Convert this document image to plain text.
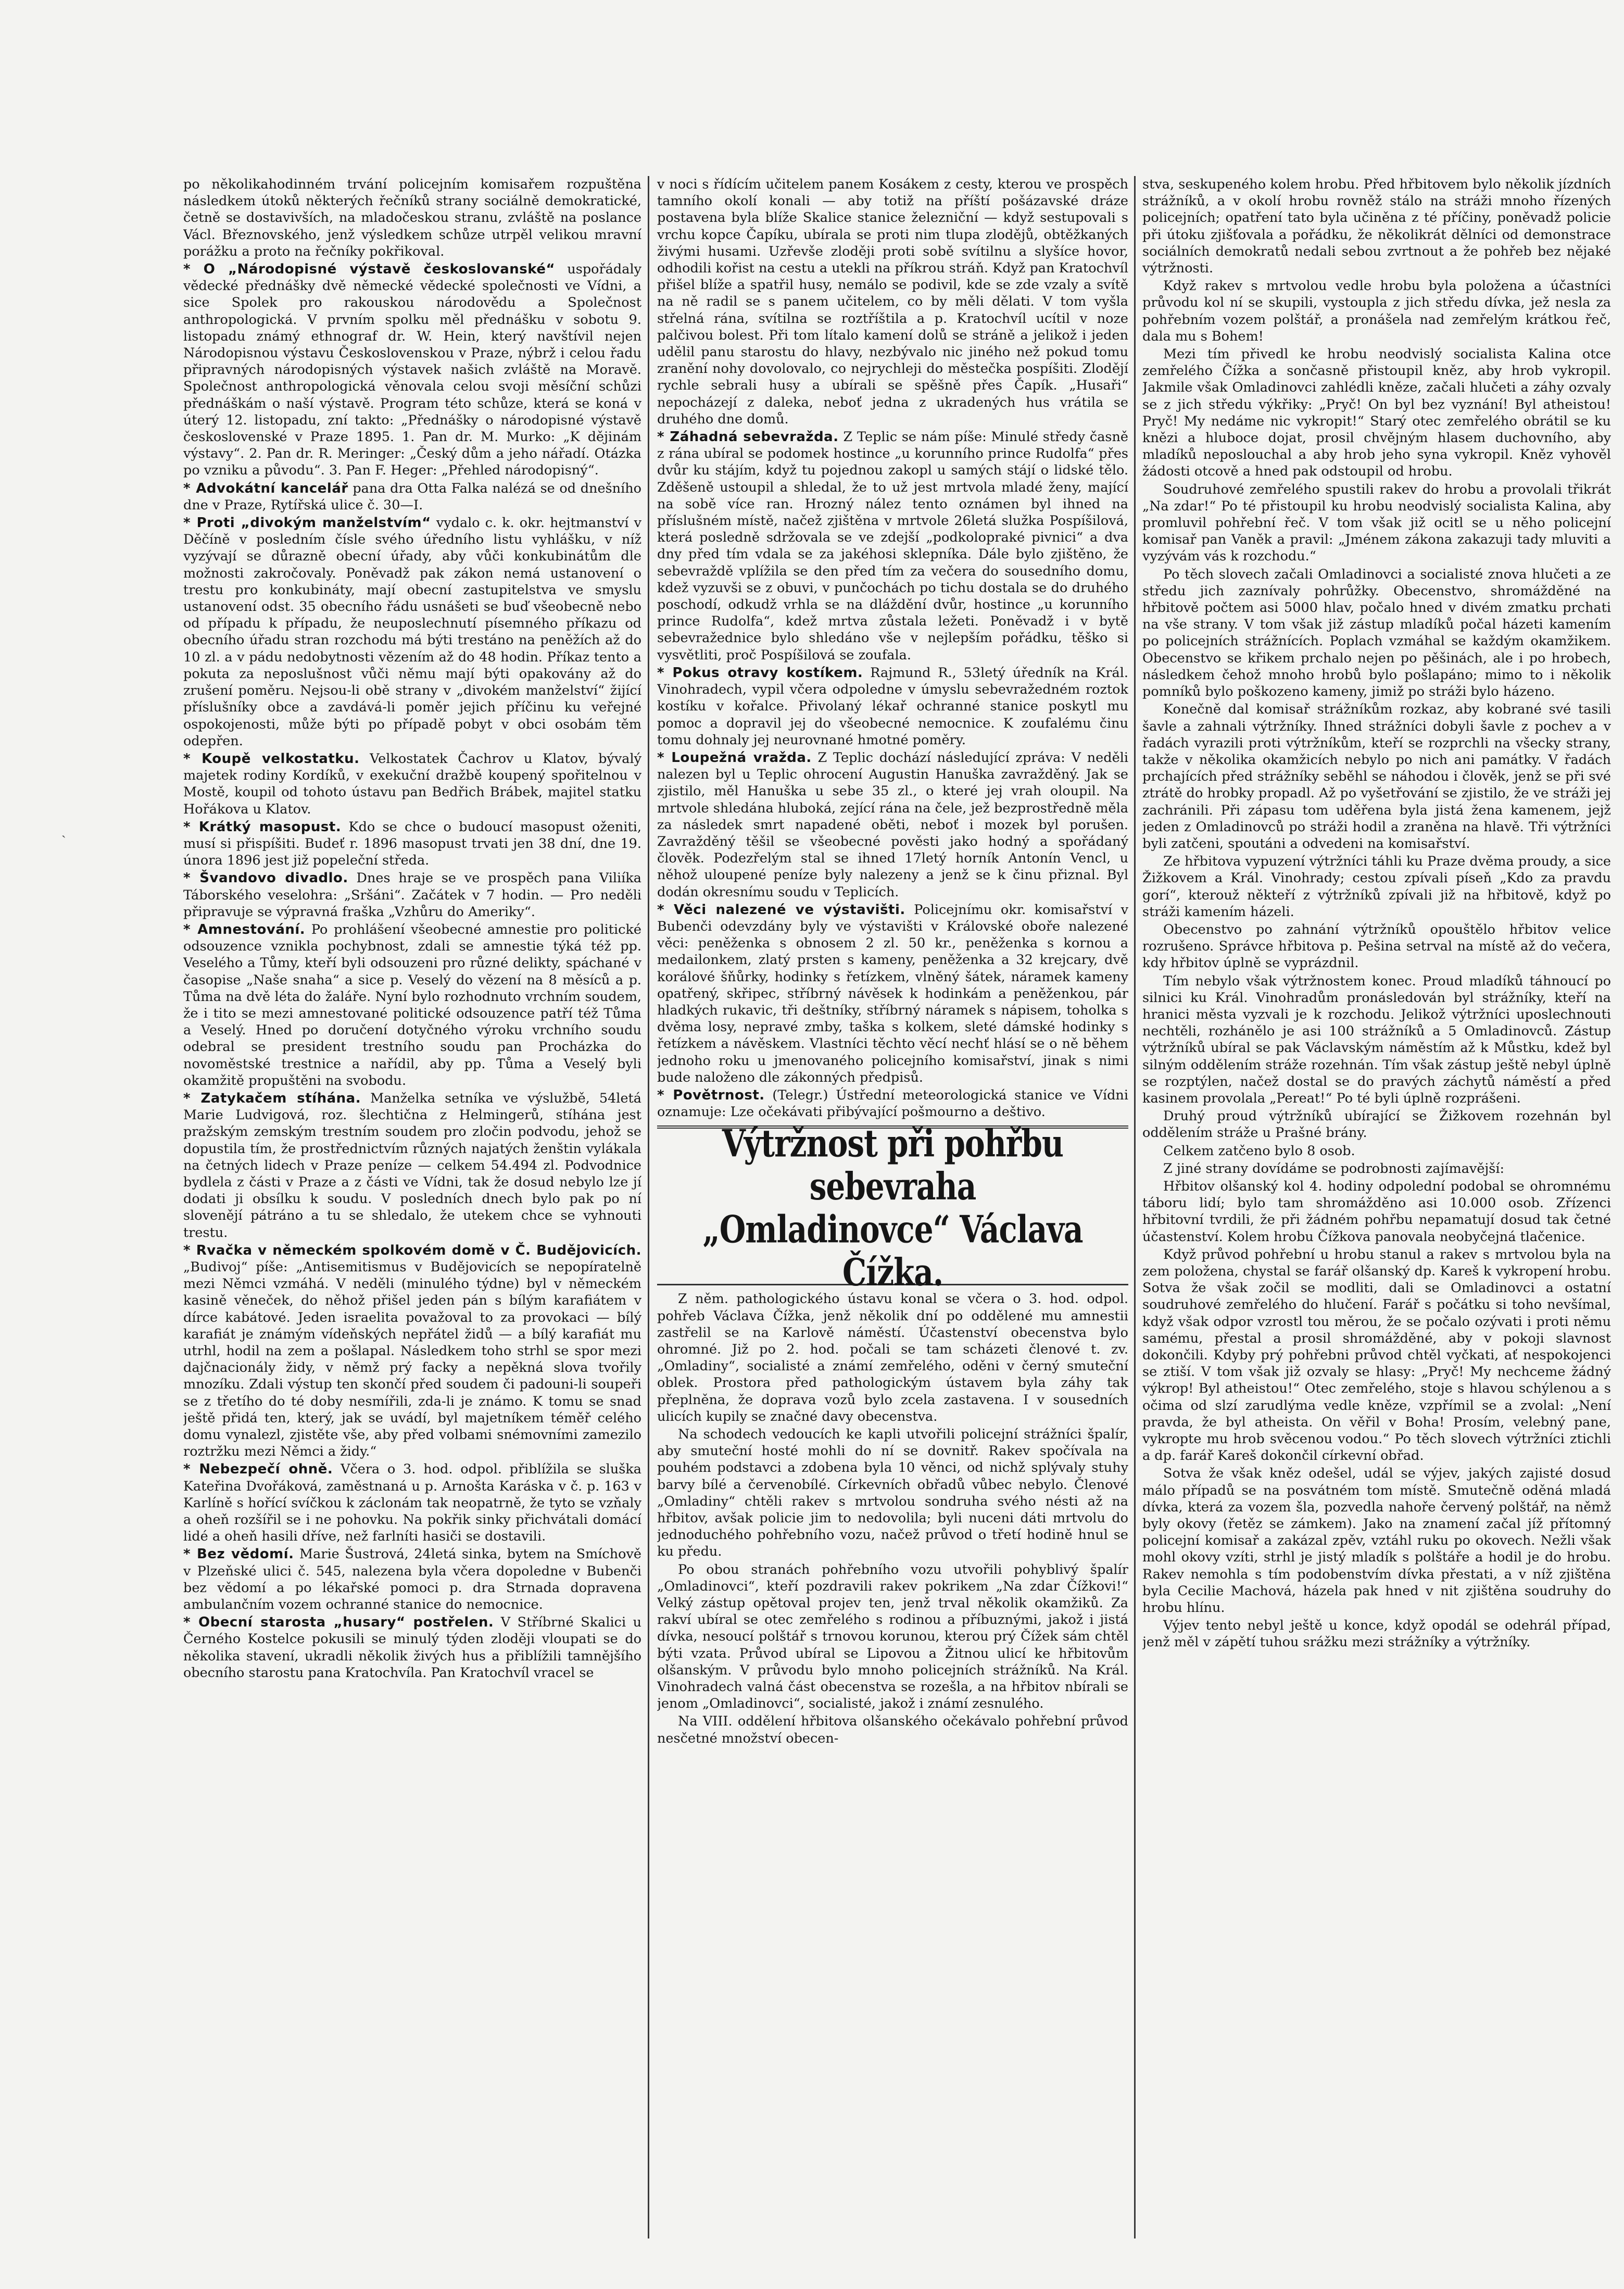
ˏ

po několikahodinném trvání policejním komisařem rozpuštěna následkem útoků některých řečníků strany sociálně demokratické, četně se dostavivších, na mladočeskou stranu, zvláště na poslance Václ. Březnovského, jenž výsledkem schůze utrpěl velikou mravní porážku a proto na řečníky pokřikoval.

* O „Národopisné výstavě českoslovanské“ uspořádaly vědecké přednášky dvě německé vědecké společnosti ve Vídni, a sice Spolek pro rakouskou národovědu a Společnost anthropologická. V prvním spolku měl přednášku v sobotu 9. listopadu známý ethnograf dr. W. Hein, který navštívil nejen Národopisnou výstavu Československou v Praze, nýbrž i celou řadu připravných národopisných výstavek našich zvláště na Moravě. Společnost anthropologická věnovala celou svoji měsíční schůzi přednáškám o naší výstavě. Program této schůze, která se koná v úterý 12. listopadu, zní takto: „Přednášky o národopisné výstavě československé v Praze 1895. 1. Pan dr. M. Murko: „K dějinám výstavy“. 2. Pan dr. R. Meringer: „Český dům a jeho nářadí. Otázka po vzniku a původu“. 3. Pan F. Heger: „Přehled národopisný“.

* Advokátní kancelář pana dra Otta Falka nalézá se od dnešního dne v Praze, Rytířská ulice č. 30—I.

* Proti „divokým manželstvím“ vydalo c. k. okr. hejtmanství v Děčíně v posledním čísle svého úředního listu vyhlášku, v níž vyzývají se důrazně obecní úřady, aby vůči konkubinátům dle možnosti zakročovaly. Poněvadž pak zákon nemá ustanovení o trestu pro konkubináty, mají obecní zastupitelstva ve smyslu ustanovení odst. 35 obecního řádu usnášeti se buď všeobecně nebo od případu k případu, že neuposlechnutí písemného příkazu od obecního úřadu stran rozchodu má býti trestáno na peněžích až do 10 zl. a v pádu nedobytnosti vězením až do 48 hodin. Příkaz tento a pokuta za neposlušnost vůči němu mají býti opakovány až do zrušení poměru. Nejsou-li obě strany v „divokém manželství“ žijící příslušníky obce a zavdává-li poměr jejich příčinu ku veřejné ospokojenosti, může býti po případě pobyt v obci osobám těm odepřen.

* Koupě velkostatku. Velkostatek Čachrov u Klatov, bývalý majetek rodiny Kordíků, v exekuční dražbě koupený spořitelnou v Mostě, koupil od tohoto ústavu pan Bedřich Brábek, majitel statku Hořákova u Klatov.

* Krátký masopust. Kdo se chce o budoucí masopust oženiti, musí si přispíšiti. Budeť r. 1896 masopust trvati jen 38 dní, dne 19. února 1896 jest již popeleční středa.

* Švandovo divadlo. Dnes hraje se ve prospěch pana Viliíka Táborského veselohra: „Sršáni“. Začátek v 7 hodin. — Pro neděli připravuje se výpravná fraška „Vzhůru do Ameriky“.

* Amnestování. Po prohlášení všeobecné amnestie pro politické odsouzence vznikla pochybnost, zdali se amnestie týká též pp. Veselého a Tůmy, kteří byli odsouzeni pro různé delikty, spáchané v časopise „Naše snaha“ a sice p. Veselý do vězení na 8 měsíců a p. Tůma na dvě léta do žaláře. Nyní bylo rozhodnuto vrchním soudem, že i tito se mezi amnestované politické odsouzence patří též Tůma a Veselý. Hned po doručení dotyčného výroku vrchního soudu odebral se president trestního soudu pan Procházka do novoměstské trestnice a nařídil, aby pp. Tůma a Veselý byli okamžitě propuštěni na svobodu.

* Zatykačem stíhána. Manželka setníka ve výslužbě, 54letá Marie Ludvigová, roz. šlechtična z Helmingerů, stíhána jest pražským zemským trestním soudem pro zločin podvodu, jehož se dopustila tím, že prostřednictvím různých najatých ženštin vylákala na četných lidech v Praze peníze — celkem 54.494 zl. Podvodnice bydlela z části v Praze a z části ve Vídni, tak že dosud nebylo lze jí dodati ji obsílku k soudu. V posledních dnech bylo pak po ní slovenějí pátráno a tu se shledalo, že utekem chce se vyhnouti trestu.

* Rvačka v německém spolkovém domě v Č. Budějovicích. „Budivoj“ píše: „Antisemitismus v Budějovicích se nepopíratelně mezi Němci vzmáhá. V neděli (minulého týdne) byl v německém kasině věneček, do něhož přišel jeden pán s bílým karafiátem v dírce kabátové. Jeden israelita považoval to za provokaci — bílý karafiát je známým vídeňských nepřátel židů — a bílý karafiát mu utrhl, hodil na zem a pošlapal. Následkem toho strhl se spor mezi dajčnacionály židy, v němž prý facky a nepěkná slova tvořily mnozíku. Zdali výstup ten skončí před soudem či padouni-li soupeři se z třetího do té doby nesmířili, zda-li je známo. K tomu se snad ještě přidá ten, který, jak se uvádí, byl majetníkem téměř celého domu vynalezl, zjistěte vše, aby před volbami snémovními zamezilo roztržku mezi Němci a židy.“

* Nebezpečí ohně. Včera o 3. hod. odpol. přiblížila se sluška Kateřina Dvořáková, zaměstnaná u p. Arnošta Karáska v č. p. 163 v Karlíně s hořící svíčkou k záclonám tak neopatrně, že tyto se vzňaly a oheň rozšířil se i ne pohovku. Na pokřik sinky přichvátali domácí lidé a oheň hasili dříve, než farlníti hasiči se dostavili.

* Bez vědomí. Marie Šustrová, 24letá sinka, bytem na Smíchově v Plzeňské ulici č. 545, nalezena byla včera dopoledne v Bubenči bez vědomí a po lékařské pomoci p. dra Strnada dopravena ambulančním vozem ochranné stanice do nemocnice.

* Obecní starosta „husary“ postřelen. V Stříbrné Skalici u Černého Kostelce pokusili se minulý týden zloději vloupati se do několika stavení, ukradli několik živých hus a přiblížili tamnějšího obecního starostu pana Kratochvíla. Pan Kratochvíl vracel se

v noci s řídícím učitelem panem Kosákem z cesty, kterou ve prospěch tamního okolí konali — aby totiž na příští pošázavské dráze postavena byla blíže Skalice stanice železniční — když sestupovali s vrchu kopce Čapíku, ubírala se proti nim tlupa zlodějů, obtěžkaných živými husami. Uzřevše zloději proti sobě svítilnu a slyšíce hovor, odhodili kořist na cestu a utekli na příkrou stráň. Když pan Kratochvíl přišel blíže a spatřil husy, nemálo se podivil, kde se zde vzaly a svítě na ně radil se s panem učitelem, co by měli dělati. V tom vyšla střelná rána, svítilna se roztříštila a p. Kratochvíl ucítil v noze palčivou bolest. Při tom lítalo kamení dolů se stráně a jelikož i jeden udělil panu starostu do hlavy, nezbývalo nic jiného než pokud tomu zranění nohy dovolovalo, co nejrychleji do městečka pospíšiti. Zlodějí rychle sebrali husy a ubírali se spěšně přes Čapík. „Husaři“ nepocházejí z daleka, neboť jedna z ukradených hus vrátila se druhého dne domů.

* Záhadná sebevražda. Z Teplic se nám píše: Minulé středy časně z rána ubíral se podomek hostince „u korunního prince Rudolfa“ přes dvůr ku stájím, když tu pojednou zakopl u samých stájí o lidské tělo. Zděšeně ustoupil a shledal, že to už jest mrtvola mladé ženy, mající na sobě více ran. Hrozný nález tento oznámen byl ihned na příslušném místě, načež zjištěna v mrtvole 26letá služka Pospíšilová, která posledně sdržovala se ve zdejší „podkolopraké pivnici“ a dva dny před tím vdala se za jakéhosi sklepníka. Dále bylo zjištěno, že sebevraždě vplížila se den před tím za večera do sousedního domu, kdež vyzuvši se z obuvi, v punčochách po tichu dostala se do druhého poschodí, odkudž vrhla se na dláždění dvůr, hostince „u korunního prince Rudolfa“, kdež mrtva zůstala ležeti. Poněvadž i v bytě sebevražednice bylo shledáno vše v nejlepším pořádku, těško si vysvětliti, proč Pospíšilová se zoufala.

* Pokus otravy kostíkem. Rajmund R., 53letý úředník na Král. Vinohradech, vypil včera odpoledne v úmyslu sebevražedném roztok kostíku v kořalce. Přivolaný lékař ochranné stanice poskytl mu pomoc a dopravil jej do všeobecné nemocnice. K zoufalému činu tomu dohnaly jej neurovnané hmotné poměry.

* Loupežná vražda. Z Teplic dochází následující zpráva: V neděli nalezen byl u Teplic ohrocení Augustin Hanuška zavražděný. Jak se zjistilo, měl Hanuška u sebe 35 zl., o které jej vrah oloupil. Na mrtvole shledána hluboká, zející rána na čele, jež bezprostředně měla za následek smrt napadené oběti, neboť i mozek byl porušen. Zavražděný těšil se všeobecné pověsti jako hodný a spořádaný člověk. Podezřelým stal se ihned 17letý horník Antonín Vencl, u něhož uloupené peníze byly nalezeny a jenž se k činu přiznal. Byl dodán okresnímu soudu v Teplicích.

* Věci nalezené ve výstavišti. Policejnímu okr. komisařství v Bubenči odevzdány byly ve výstavišti v Královské oboře nalezené věci: peněženka s obnosem 2 zl. 50 kr., peněženka s kornou a medailonkem, zlatý prsten s kameny, peněženka a 32 krejcary, dvě korálové šňůrky, hodinky s řetízkem, vlněný šátek, náramek kameny opatřený, skřipec, stříbrný návěsek k hodinkám a peněženkou, pár hladkých rukavic, tři deštníky, stříbrný náramek s nápisem, toholka s dvěma losy, nepravé zmby, taška s kolkem, sleté dámské hodinky s řetízkem a návěskem. Vlastníci těchto věcí nechť hlásí se o ně během jednoho roku u jmenovaného policejního komisařství, jinak s nimi bude naloženo dle zákonných předpisů.

* Povětrnost. (Telegr.) Ústřední meteorologická stanice ve Vídni oznamuje: Lze očekávati přibývající pošmourno a deštivo.

Výtržnost při pohřbu sebevraha
„Omladinovce“ Václava Čížka.

Z něm. pathologického ústavu konal se včera o 3. hod. odpol. pohřeb Václava Čížka, jenž několik dní po oddělené mu amnestii zastřelil se na Karlově náměstí. Účastenství obecenstva bylo ohromné. Již po 2. hod. počali se tam scházeti členové t. zv. „Omladiny“, socialisté a známí zemřelého, oděni v černý smuteční oblek. Prostora před pathologickým ústavem byla záhy tak přeplněna, že doprava vozů bylo zcela zastavena. I v sousedních ulicích kupily se značné davy obecenstva.

Na schodech vedoucích ke kapli utvořili policejní strážníci špalír, aby smuteční hosté mohli do ní se dovnitř. Rakev spočívala na pouhém podstavci a zdobena byla 10 věnci, od nichž splývaly stuhy barvy bílé a červenobílé. Církevních obřadů vůbec nebylo. Členové „Omladiny“ chtěli rakev s mrtvolou sondruha svého nésti až na hřbitov, avšak policie jim to nedovolila; byli nuceni dáti mrtvolu do jednoduchého pohřebního vozu, načež průvod o třetí hodině hnul se ku předu.

Po obou stranách pohřebního vozu utvořili pohyblivý špalír „Omladinovci“, kteří pozdravili rakev pokrikem „Na zdar Čížkovi!“ Velký zástup opětoval projev ten, jenž trval několik okamžiků. Za rakví ubíral se otec zemřelého s rodinou a příbuznými, jakož i jistá dívka, nesoucí polštář s trnovou korunou, kterou prý Čížek sám chtěl býti vzata. Průvod ubíral se Lipovou a Žitnou ulicí ke hřbitovům olšanským. V průvodu bylo mnoho policejních strážníků. Na Král. Vinohradech valná část obecenstva se rozešla, a na hřbitov nbírali se jenom „Omladinovci“, socialisté, jakož i známí zesnulého.

Na VIII. oddělení hřbitova olšanského očekávalo pohřební průvod nesčetné množství obecen-

stva, seskupeného kolem hrobu. Před hřbitovem bylo několik jízdních strážníků, a v okolí hrobu rovněž stálo na stráži mnoho řízených policejních; opatření tato byla učiněna z té příčiny, poněvadž policie při útoku zjišťovala a pořádku, že několikrát dělníci od demonstrace sociálních demokratů nedali sebou zvrtnout a že pohřeb bez nějaké výtržnosti.

Když rakev s mrtvolou vedle hrobu byla položena a účastníci průvodu kol ní se skupili, vystoupla z jich středu dívka, jež nesla za pohřebním vozem polštář, a pronášela nad zemřelým krátkou řeč, dala mu s Bohem!

Mezi tím přivedl ke hrobu neodvislý socialista Kalina otce zemřelého Čížka a sončasně přistoupil kněz, aby hrob vykropil. Jakmile však Omladinovci zahlédli kněze, začali hlučeti a záhy ozvaly se z jich středu výkřiky: „Pryč! On byl bez vyznání! Byl atheistou! Pryč! My nedáme nic vykropit!“ Starý otec zemřelého obrátil se ku knězi a hluboce dojat, prosil chvějným hlasem duchovního, aby mladíků neposlouchal a aby hrob jeho syna vykropil. Kněz vyhověl žádosti otcově a hned pak odstoupil od hrobu.

Soudruhové zemřelého spustili rakev do hrobu a provolali třikrát „Na zdar!“ Po té přistoupil ku hrobu neodvislý socialista Kalina, aby promluvil pohřební řeč. V tom však již ocitl se u něho policejní komisař pan Vaněk a pravil: „Jménem zákona zakazuji tady mluviti a vyzývám vás k rozchodu.“

Po těch slovech začali Omladinovci a socialisté znova hlučeti a ze středu jich zaznívaly pohrůžky. Obecenstvo, shromážděné na hřbitově počtem asi 5000 hlav, počalo hned v divém zmatku prchati na vše strany. V tom však již zástup mladíků počal házeti kamením po policejních strážnících. Poplach vzmáhal se každým okamžikem. Obecenstvo se křikem prchalo nejen po pěšinách, ale i po hrobech, následkem čehož mnoho hrobů bylo pošlapáno; mimo to i několik pomníků bylo poškozeno kameny, jimiž po stráži bylo házeno.

Konečně dal komisař strážníkům rozkaz, aby kobrané své tasili šavle a zahnali výtržníky. Ihned strážníci dobyli šavle z pochev a v řadách vyrazili proti výtržníkům, kteří se rozprchli na všecky strany, takže v několika okamžicích nebylo po nich ani památky. V řadách prchajících před strážníky seběhl se náhodou i člověk, jenž se při své ztrátě do hrobky propadl. Až po vyšetřování se zjistilo, že ve stráži jej zachránili. Při zápasu tom uděřena byla jistá žena kamenem, jejž jeden z Omladinovců po stráži hodil a zraněna na hlavě. Tři výtržníci byli zatčeni, spoutáni a odvedeni na komisařství.

Ze hřbitova vypuzení výtržníci táhli ku Praze dvěma proudy, a sice Žižkovem a Král. Vinohrady; cestou zpívali píseň „Kdo za pravdu gorí“, kterouž někteří z výtržníků zpívali již na hřbitově, když po stráži kamením házeli.

Obecenstvo po zahnání výtržníků opouštělo hřbitov velice rozrušeno. Správce hřbitova p. Pešina setrval na místě až do večera, kdy hřbitov úplně se vyprázdnil.

Tím nebylo však výtržnostem konec. Proud mladíků táhnoucí po silnici ku Král. Vinohradům pronásledován byl strážníky, kteří na hranici města vyzvali je k rozchodu. Jelikož výtržníci uposlechnouti nechtěli, rozhánělo je asi 100 strážníků a 5 Omladinovců. Zástup výtržníků ubíral se pak Václavským náměstím až k Můstku, kdež byl silným oddělením stráže rozehnán. Tím však zástup ještě nebyl úplně se rozptýlen, načež dostal se do pravých záchytů náměstí a před kasinem provolala „Pereat!“ Po té byli úplně rozprášeni.

Druhý proud výtržníků ubírající se Žižkovem rozehnán byl oddělením stráže u Prašné brány.

Celkem zatčeno bylo 8 osob.

Z jiné strany dovídáme se podrobnosti zajímavější:

Hřbitov olšanský kol 4. hodiny odpolední podobal se ohromnému táboru lidí; bylo tam shromážděno asi 10.000 osob. Zřízenci hřbitovní tvrdili, že při žádném pohřbu nepamatují dosud tak četné účastenství. Kolem hrobu Čížkova panovala neobyčejná tlačenice.

Když průvod pohřební u hrobu stanul a rakev s mrtvolou byla na zem položena, chystal se farář olšanský dp. Kareš k vykropení hrobu. Sotva že však zočil se modliti, dali se Omladinovci a ostatní soudruhové zemřelého do hlučení. Farář s počátku si toho nevšímal, když však odpor vzrostl tou měrou, že se počalo ozývati i proti němu samému, přestal a prosil shromážděné, aby v pokoji slavnost dokončili. Kdyby prý pohřebni průvod chtěl vyčkati, ať nespokojenci se ztiší. V tom však již ozvaly se hlasy: „Pryč! My nechceme žádný výkrop! Byl atheistou!“ Otec zemřelého, stoje s hlavou schýlenou a s očima od slzí zarudlýma vedle kněze, vzpřímil se a zvolal: „Není pravda, že byl atheista. On věřil v Boha! Prosím, velebný pane, vykropte mu hrob svěcenou vodou.“ Po těch slovech výtržníci ztichli a dp. farář Kareš dokončil církevní obřad.

Sotva že však kněz odešel, udál se výjev, jakých zajisté dosud málo případů se na posvátném tom místě. Smutečně oděná mladá dívka, která za vozem šla, pozvedla nahoře červený polštář, na němž byly okovy (řetěz se zámkem). Jako na znamení začal jíž přítomný policejní komisař a zakázal zpěv, vztáhl ruku po okovech. Nežli však mohl okovy vzíti, strhl je jistý mladík s polštáře a hodil je do hrobu. Rakev nemohla s tím podobenstvím dívka přestati, a v níž zjištěna byla Cecilie Machová, házela pak hned v nit zjištěna soudruhy do hrobu hlínu.

Výjev tento nebyl ještě u konce, když opodál se odehrál případ, jenž měl v zápětí tuhou srážku mezi strážníky a výtržníky.
